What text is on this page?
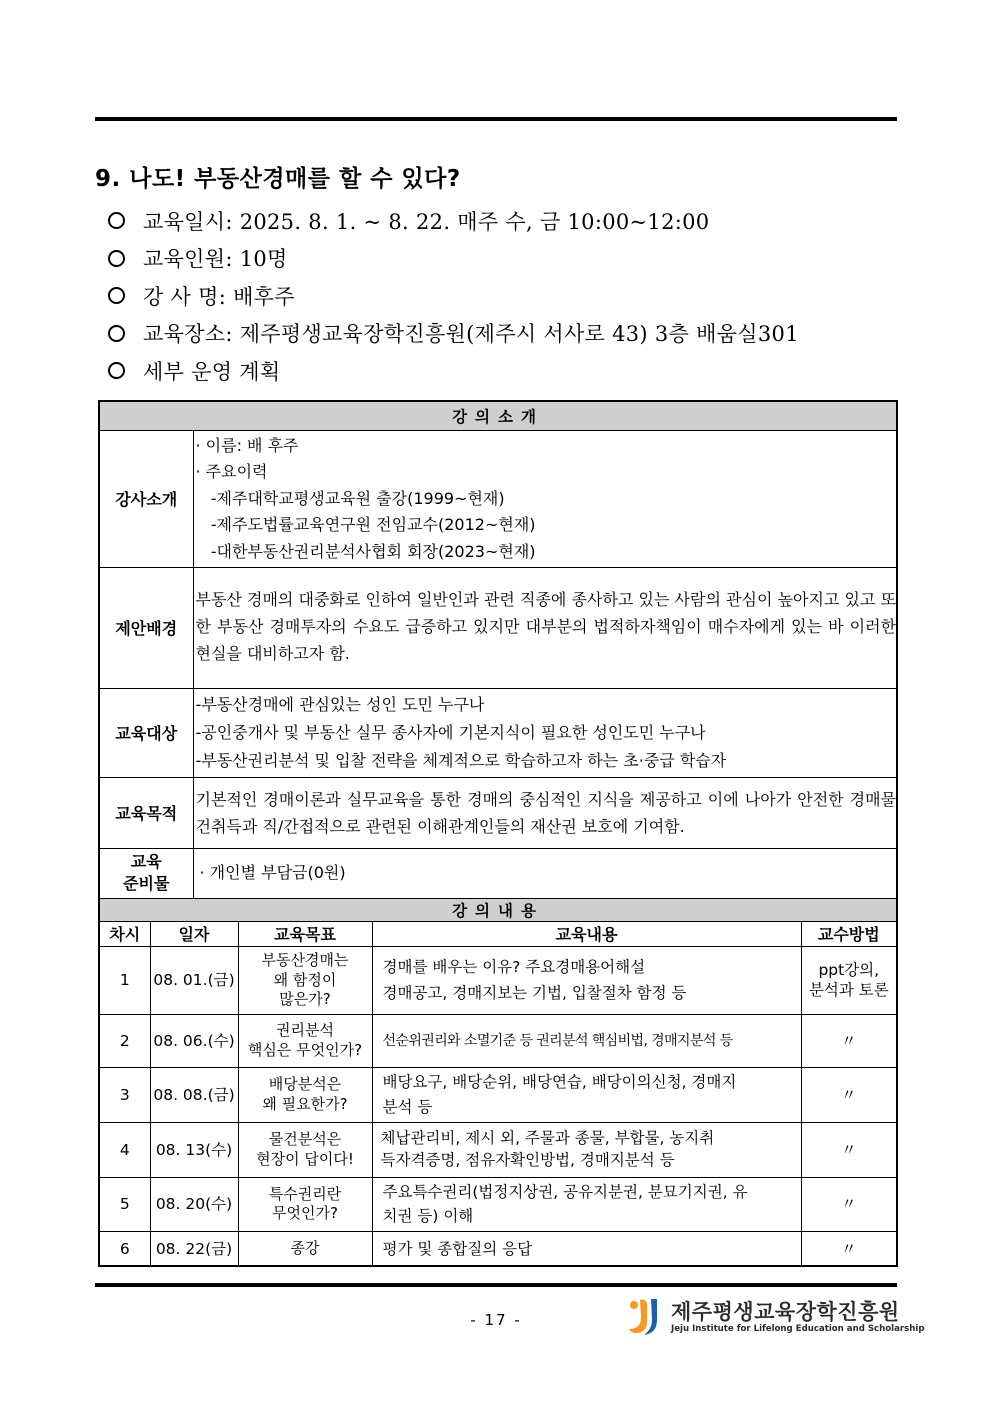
9. 나도! 부동산경매를 할 수 있다?
교육일시: 2025. 8. 1. ~ 8. 22. 매주 수, 금 10:00~12:00
교육인원: 10명
강 사 명: 배후주
교육장소: 제주평생교육장학진흥원(제주시 서사로 43) 3층 배움실301
세부 운영 계획
강의소개					
강사소개		· 이름: 배 후주
· 주요이력
-제주대학교평생교육원 출강(1999~현재)
-제주도법률교육연구원 전임교수(2012~현재)
-대한부동산권리분석사협회 회장(2023~현재)			

제안배경		부동산 경매의 대중화로 인하여 일반인과 관련 직종에 종사하고 있는 사람의 관심이 높아지고 있고 또한 부동산 경매투자의 수요도 급증하고 있지만 대부분의 법적하자책임이 매수자에게 있는 바 이러한 현실을 대비하고자 함.			
교육대상		-부동산경매에 관심있는 성인 도민 누구나
-공인중개사 및 부동산 실무 종사자에 기본지식이 필요한 성인도민 누구나
-부동산권리분석 및 입찰 전략을 체계적으로 학습하고자 하는 초·중급 학습자			

교육목적		기본적인 경매이론과 실무교육을 통한 경매의 중심적인 지식을 제공하고 이에 나아가 안전한 경매물건취득과 직/간접적으로 관련된 이해관계인들의 재산권 보호에 기여함.			

교육
준비물		· 개인별 부담금(0원)			
강의내용					
차시	일자		교육목표	교육내용	교수방법
1	08. 01.(금)		부동산경매는
왜 함정이
많은가?	경매를 배우는 이유? 주요경매용어해설
경매공고, 경매지보는 기법, 입찰절차 함정 등	ppt강의,
분석과 토론
2	08. 06.(수)		권리분석
핵심은 무엇인가?	선순위권리와 소멸기준 등 권리분석 핵심비법, 경매지분석 등	〃
3	08. 08.(금)		배당분석은
왜 필요한가?	배당요구, 배당순위, 배당연습, 배당이의신청, 경매지
분석 등	〃
4	08. 13(수)		물건분석은
현장이 답이다!	체납관리비, 제시 외, 주물과 종물, 부합물, 농지취
득자격증명, 점유자확인방법, 경매지분석 등	〃
5	08. 20(수)		특수권리란
무엇인가?	주요특수권리(법정지상권, 공유지분권, 분묘기지권, 유
치권 등) 이해	〃
6	08. 22(금)		종강	평가 및 종합질의 응답	〃
- 17 -	제주평생교육장학진흥원
Jeju Institute for Lifelong Education and Scholarship
